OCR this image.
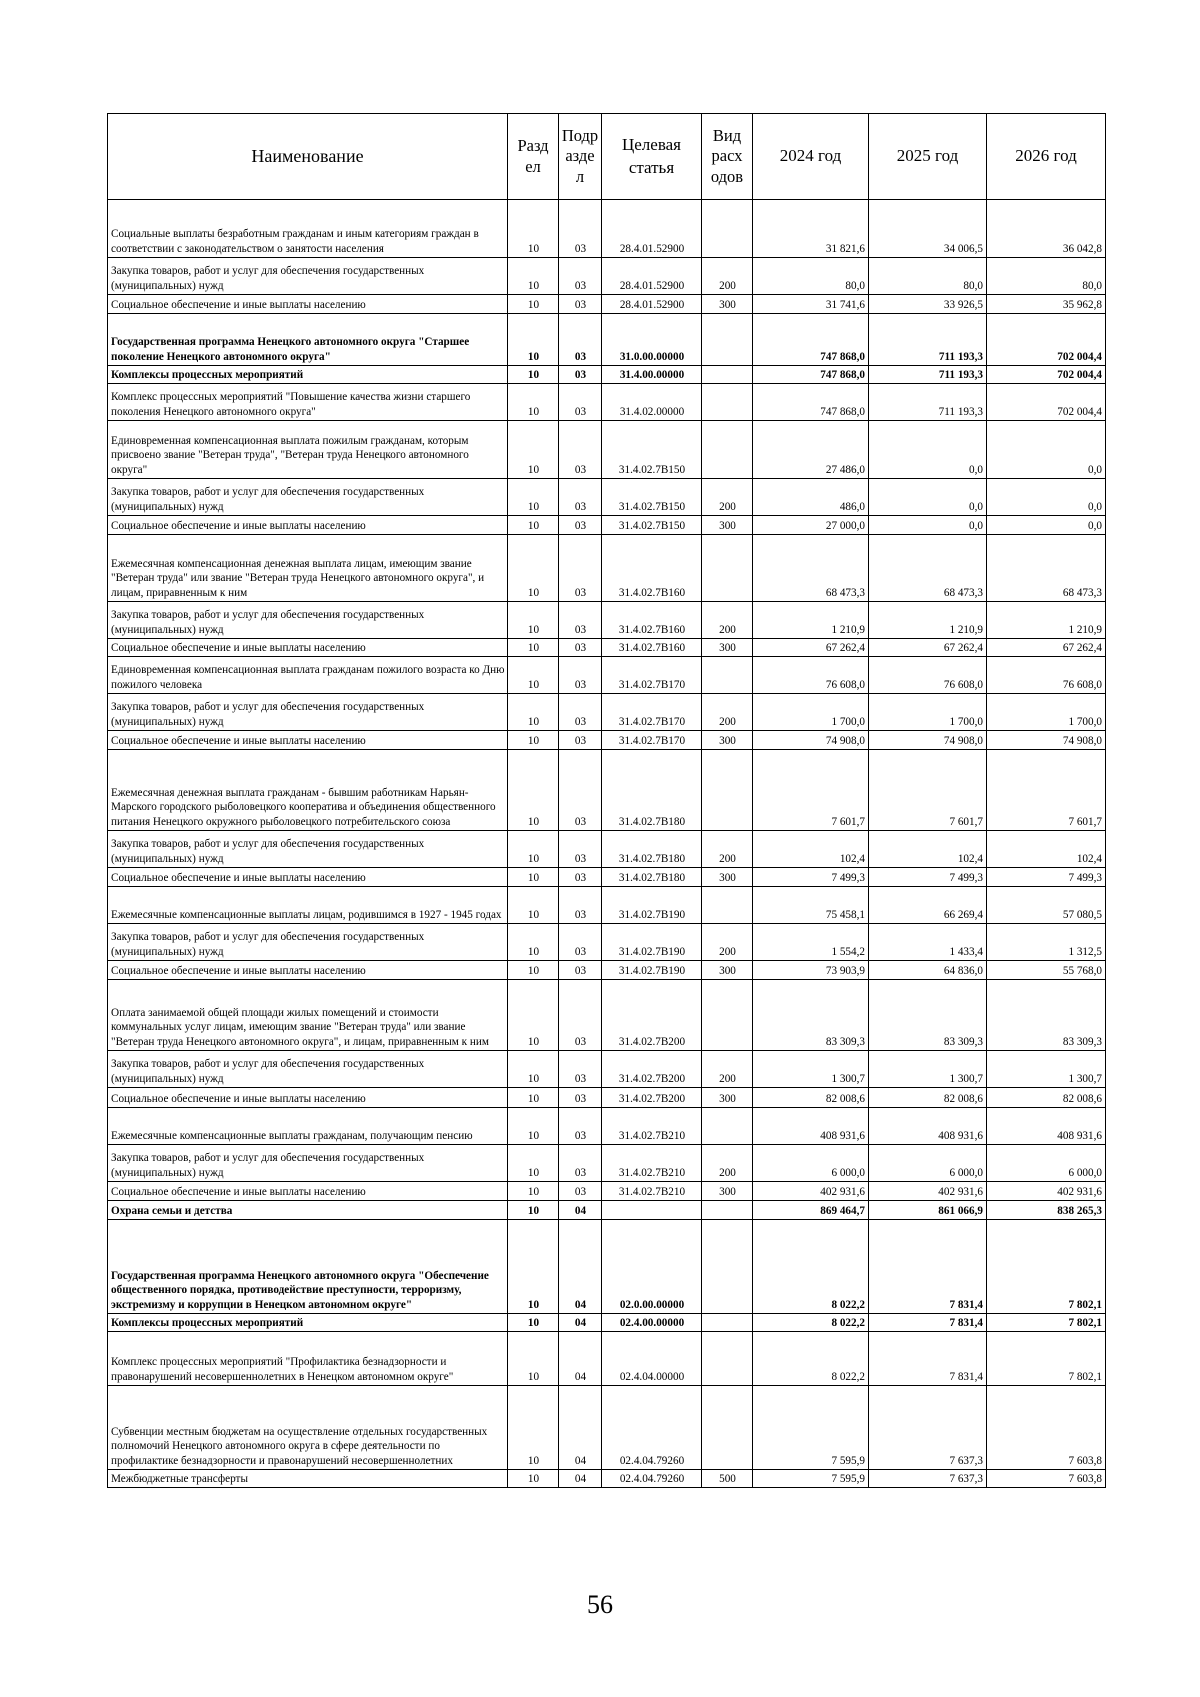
Наименование	Разд ел	Подр азде л	Целевая статья	Вид расх одов	2024 год	2025 год	2026 год
Социальные выплаты безработным гражданам и иным категориям граждан в соответствии с законодательством о занятости населения	10	03	28.4.01.52900		31 821,6	34 006,5	36 042,8
Закупка товаров, работ и услуг для обеспечения государственных (муниципальных) нужд	10	03	28.4.01.52900	200	80,0	80,0	80,0
Социальное обеспечение и иные выплаты населению	10	03	28.4.01.52900	300	31 741,6	33 926,5	35 962,8
Государственная программа Ненецкого автономного округа "Старшее поколение Ненецкого автономного округа"	10	03	31.0.00.00000		747 868,0	711 193,3	702 004,4
Комплексы процессных мероприятий	10	03	31.4.00.00000		747 868,0	711 193,3	702 004,4
Комплекс процессных мероприятий "Повышение качества жизни старшего поколения Ненецкого автономного округа"	10	03	31.4.02.00000		747 868,0	711 193,3	702 004,4
Единовременная компенсационная выплата пожилым гражданам, которым присвоено звание "Ветеран труда", "Ветеран труда Ненецкого автономного округа"	10	03	31.4.02.7В150		27 486,0	0,0	0,0
Закупка товаров, работ и услуг для обеспечения государственных (муниципальных) нужд	10	03	31.4.02.7В150	200	486,0	0,0	0,0
Социальное обеспечение и иные выплаты населению	10	03	31.4.02.7В150	300	27 000,0	0,0	0,0
Ежемесячная компенсационная денежная выплата лицам, имеющим звание "Ветеран труда" или звание "Ветеран труда Ненецкого автономного округа", и лицам, приравненным к ним	10	03	31.4.02.7В160		68 473,3	68 473,3	68 473,3
Закупка товаров, работ и услуг для обеспечения государственных (муниципальных) нужд	10	03	31.4.02.7В160	200	1 210,9	1 210,9	1 210,9
Социальное обеспечение и иные выплаты населению	10	03	31.4.02.7В160	300	67 262,4	67 262,4	67 262,4
Единовременная компенсационная выплата гражданам пожилого возраста ко Дню пожилого человека	10	03	31.4.02.7В170		76 608,0	76 608,0	76 608,0
Закупка товаров, работ и услуг для обеспечения государственных (муниципальных) нужд	10	03	31.4.02.7В170	200	1 700,0	1 700,0	1 700,0
Социальное обеспечение и иные выплаты населению	10	03	31.4.02.7В170	300	74 908,0	74 908,0	74 908,0
Ежемесячная денежная выплата гражданам - бывшим работникам Нарьян-Марского городского рыболовецкого кооператива и объединения общественного питания Ненецкого окружного рыболовецкого потребительского союза	10	03	31.4.02.7В180		7 601,7	7 601,7	7 601,7
Закупка товаров, работ и услуг для обеспечения государственных (муниципальных) нужд	10	03	31.4.02.7В180	200	102,4	102,4	102,4
Социальное обеспечение и иные выплаты населению	10	03	31.4.02.7В180	300	7 499,3	7 499,3	7 499,3
Ежемесячные компенсационные выплаты лицам, родившимся в 1927 - 1945 годах	10	03	31.4.02.7В190		75 458,1	66 269,4	57 080,5
Закупка товаров, работ и услуг для обеспечения государственных (муниципальных) нужд	10	03	31.4.02.7В190	200	1 554,2	1 433,4	1 312,5
Социальное обеспечение и иные выплаты населению	10	03	31.4.02.7В190	300	73 903,9	64 836,0	55 768,0
Оплата занимаемой общей площади жилых помещений и стоимости коммунальных услуг лицам, имеющим звание "Ветеран труда" или звание "Ветеран труда Ненецкого автономного округа", и лицам, приравненным к ним	10	03	31.4.02.7В200		83 309,3	83 309,3	83 309,3
Закупка товаров, работ и услуг для обеспечения государственных (муниципальных) нужд	10	03	31.4.02.7В200	200	1 300,7	1 300,7	1 300,7
Социальное обеспечение и иные выплаты населению	10	03	31.4.02.7В200	300	82 008,6	82 008,6	82 008,6
Ежемесячные компенсационные выплаты гражданам, получающим пенсию	10	03	31.4.02.7В210		408 931,6	408 931,6	408 931,6
Закупка товаров, работ и услуг для обеспечения государственных (муниципальных) нужд	10	03	31.4.02.7В210	200	6 000,0	6 000,0	6 000,0
Социальное обеспечение и иные выплаты населению	10	03	31.4.02.7В210	300	402 931,6	402 931,6	402 931,6
Охрана семьи и детства	10	04			869 464,7	861 066,9	838 265,3
Государственная программа Ненецкого автономного округа "Обеспечение общественного порядка, противодействие преступности, терроризму, экстремизму и коррупции в Ненецком автономном округе"	10	04	02.0.00.00000		8 022,2	7 831,4	7 802,1
Комплексы процессных мероприятий	10	04	02.4.00.00000		8 022,2	7 831,4	7 802,1
Комплекс процессных мероприятий "Профилактика безнадзорности и правонарушений несовершеннолетних в Ненецком автономном округе"	10	04	02.4.04.00000		8 022,2	7 831,4	7 802,1
Субвенции местным бюджетам на осуществление отдельных государственных полномочий Ненецкого автономного округа в сфере деятельности по профилактике безнадзорности и правонарушений несовершеннолетних	10	04	02.4.04.79260		7 595,9	7 637,3	7 603,8
Межбюджетные трансферты	10	04	02.4.04.79260	500	7 595,9	7 637,3	7 603,8
56
